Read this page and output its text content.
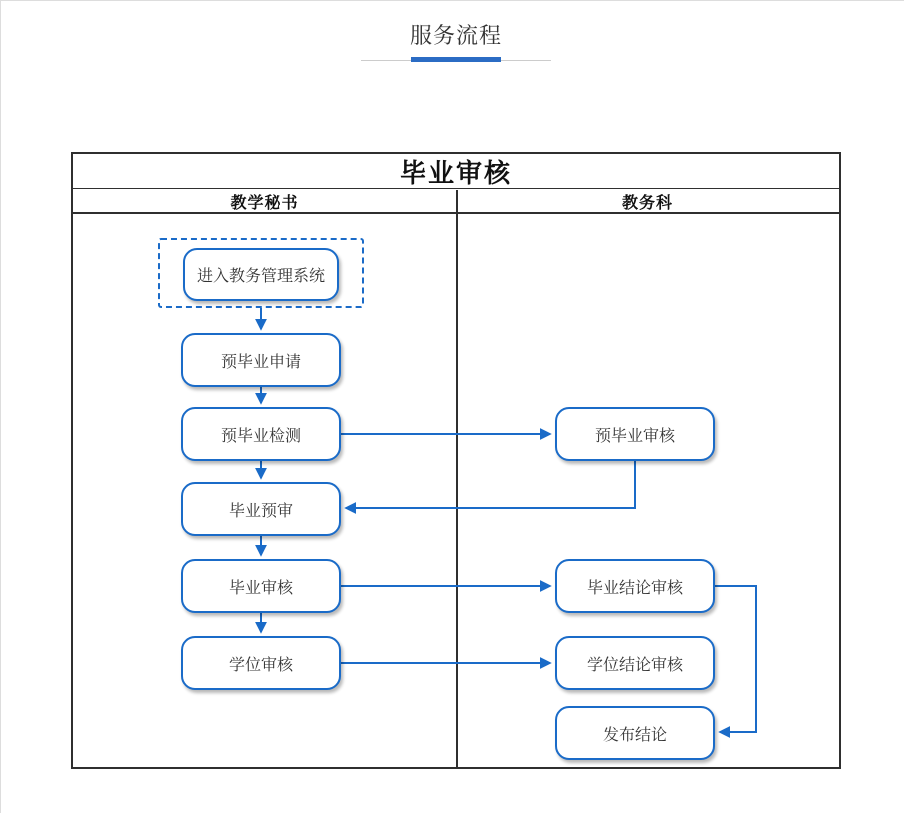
服务流程
毕业审核
教学秘书	教务科
进入教务管理系统
预毕业申请
预毕业检测
毕业预审
毕业审核
学位审核
预毕业审核
毕业结论审核
学位结论审核
发布结论
